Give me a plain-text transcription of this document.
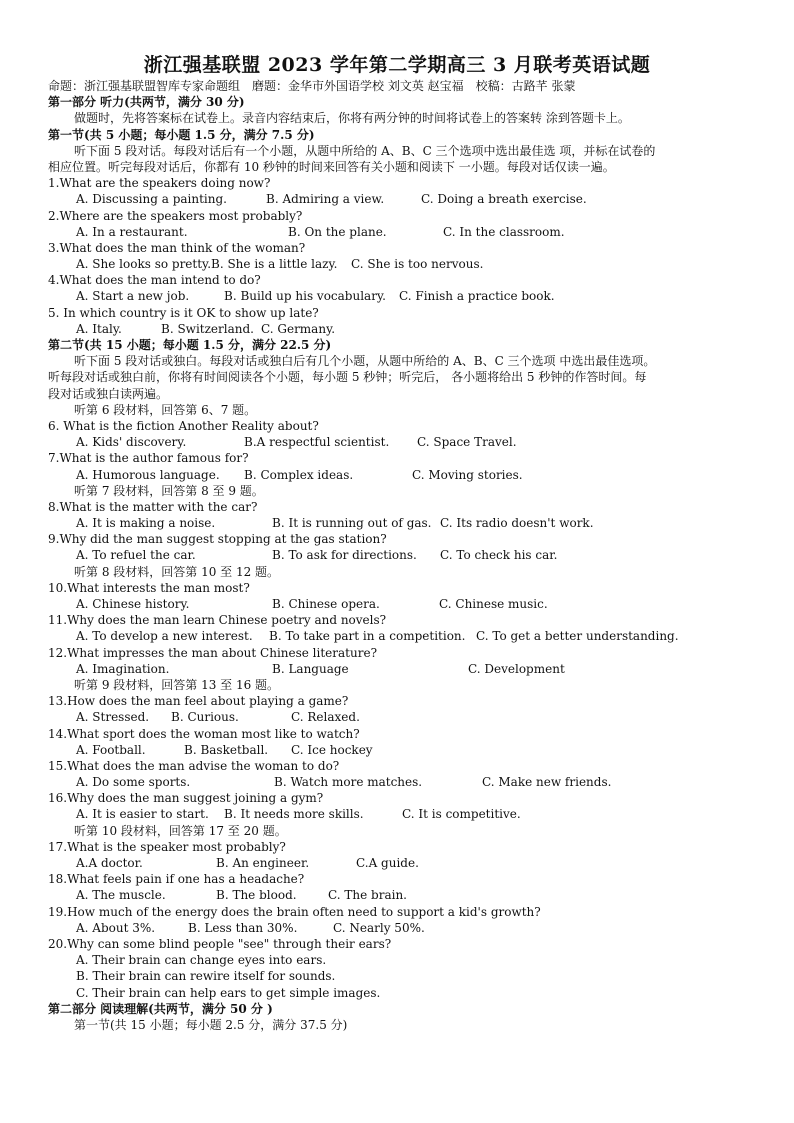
浙江强基联盟 2023 学年第二学期高三 3 月联考英语试题
命题：浙江强基联盟智库专家命题组　磨题：金华市外国语学校 刘文英 赵宝福　校稿：古路芊 张蒙
第一部分 听力(共两节，满分 30 分)
做题时，先将答案标在试卷上。录音内容结束后，你将有两分钟的时间将试卷上的答案转 涂到答题卡上。
第一节(共 5 小题；每小题 1.5 分，满分 7.5 分)
听下面 5 段对话。每段对话后有一个小题，从题中所给的 A、B、C 三个选项中选出最佳选 项，并标在试卷的
相应位置。听完每段对话后，你都有 10 秒钟的时间来回答有关小题和阅读下 一小题。每段对话仅读一遍。
1.What are the speakers doing now?
A. Discussing a painting.	B. Admiring a view.	C. Doing a breath exercise.
2.Where are the speakers most probably?
A. In a restaurant.	B. On the plane.	C. In the classroom.
3.What does the man think of the woman?
A. She looks so pretty. B. She is a little lazy.	C. She is too nervous.
4.What does the man intend to do?
A. Start a new job.	B. Build up his vocabulary.	C. Finish a practice book.
5. In which country is it OK to show up late?
A. Italy.	B. Switzerland. C. Germany.
第二节(共 15 小题；每小题 1.5 分，满分 22.5 分)
听下面 5 段对话或独白。每段对话或独白后有几个小题，从题中所给的 A、B、C 三个选项 中选出最佳选项。
听每段对话或独白前，你将有时间阅读各个小题，每小题 5 秒钟；听完后， 各小题将给出 5 秒钟的作答时间。每
段对话或独白读两遍。
听第 6 段材料，回答第 6、7 题。
6. What is the fiction Another Reality about?
A. Kids' discovery.	B.A respectful scientist.	C. Space Travel.
7.What is the author famous for?
A. Humorous language.	B. Complex ideas.	C. Moving stories.
听第 7 段材料，回答第 8 至 9 题。
8.What is the matter with the car?
A. It is making a noise.	B. It is running out of gas. C. Its radio doesn't work.
9.Why did the man suggest stopping at the gas station?
A. To refuel the car.	B. To ask for directions.	C. To check his car.
听第 8 段材料，回答第 10 至 12 题。
10.What interests the man most?
A. Chinese history.	B. Chinese opera.	C. Chinese music.
11.Why does the man learn Chinese poetry and novels?
A. To develop a new interest.	B. To take part in a competition. C. To get a better understanding.
12.What impresses the man about Chinese literature?
A. Imagination.	B. Language	C. Development
听第 9 段材料，回答第 13 至 16 题。
13.How does the man feel about playing a game?
A. Stressed.	B. Curious.	C. Relaxed.
14.What sport does the woman most like to watch?
A. Football.	B. Basketball.	C. Ice hockey
15.What does the man advise the woman to do?
A. Do some sports.	B. Watch more matches.	C. Make new friends.
16.Why does the man suggest joining a gym?
A. It is easier to start.	B. It needs more skills.	C. It is competitive.
听第 10 段材料，回答第 17 至 20 题。
17.What is the speaker most probably?
A.A doctor.	B. An engineer.	C.A guide.
18.What feels pain if one has a headache?
A. The muscle.	B. The blood.	C. The brain.
19.How much of the energy does the brain often need to support a kid's growth?
A. About 3%.	B. Less than 30%.	C. Nearly 50%.
20.Why can some blind people "see" through their ears?
A. Their brain can change eyes into ears.
B. Their brain can rewire itself for sounds.
C. Their brain can help ears to get simple images.
第二部分 阅读理解(共两节，满分 50 分 )
第一节(共 15 小题；每小题 2.5 分，满分 37.5 分)
